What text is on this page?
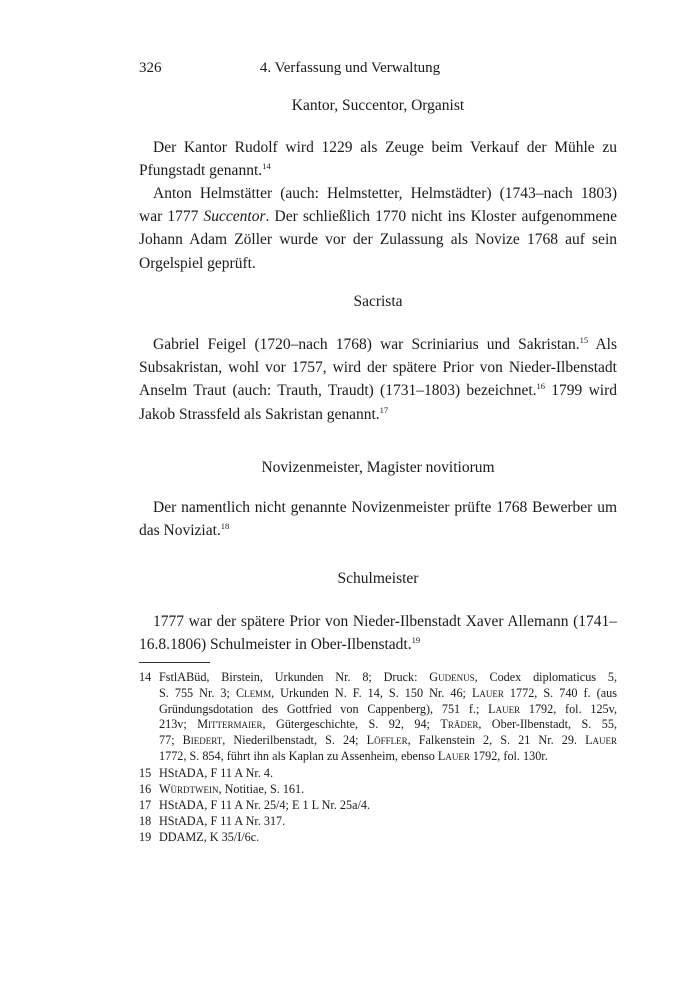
326	4. Verfassung und Verwaltung
Kantor, Succentor, Organist

Der Kantor Rudolf wird 1229 als Zeuge beim Verkauf der Mühle zu
Pfungstadt genannt.$^{14}$

Anton Helmstätter (auch: Helmstetter, Helmstädter) (1743–nach 1803)
war 1777 Succentor. Der schließlich 1770 nicht ins Kloster aufgenommene
Johann Adam Zöller wurde vor der Zulassung als Novize 1768 auf sein
Orgelspiel geprüft.

Sacrista

Gabriel Feigel (1720–nach 1768) war Scriniarius und Sakristan.$^{15}$ Als
Subsakristan, wohl vor 1757, wird der spätere Prior von Nieder-Ilbenstadt
Anselm Traut (auch: Trauth, Traudt) (1731–1803) bezeichnet.$^{16}$ 1799 wird
Jakob Strassfeld als Sakristan genannt.$^{17}$

Novizenmeister, Magister novitiorum

Der namentlich nicht genannte Novizenmeister prüfte 1768 Bewerber um
das Noviziat.$^{18}$

Schulmeister

1777 war der spätere Prior von Nieder-Ilbenstadt Xaver Allemann (1741–
16.8.1806) Schulmeister in Ober-Ilbenstadt.$^{19}$

14 FstlABüd, Birstein, Urkunden Nr. 8; Druck: Gudenus, Codex diplomaticus 5,
S. 755 Nr. 3; Clemm, Urkunden N. F. 14, S. 150 Nr. 46; Lauer 1772, S. 740 f. (aus
Gründungsdotation des Gottfried von Cappenberg), 751 f.; Lauer 1792, fol. 125v,
213v; Mittermaier, Gütergeschichte, S. 92, 94; Träder, Ober-Ilbenstadt, S. 55,
77; Biedert, Niederilbenstadt, S. 24; Löffler, Falkenstein 2, S. 21 Nr. 29. Lauer
1772, S. 854, führt ihn als Kaplan zu Assenheim, ebenso Lauer 1792, fol. 130r.
15 HStADA, F 11 A Nr. 4.
16 Würdtwein, Notitiae, S. 161.
17 HStADA, F 11 A Nr. 25/4; E 1 L Nr. 25a/4.
18 HStADA, F 11 A Nr. 317.
19 DDAMZ, K 35/I/6c.
